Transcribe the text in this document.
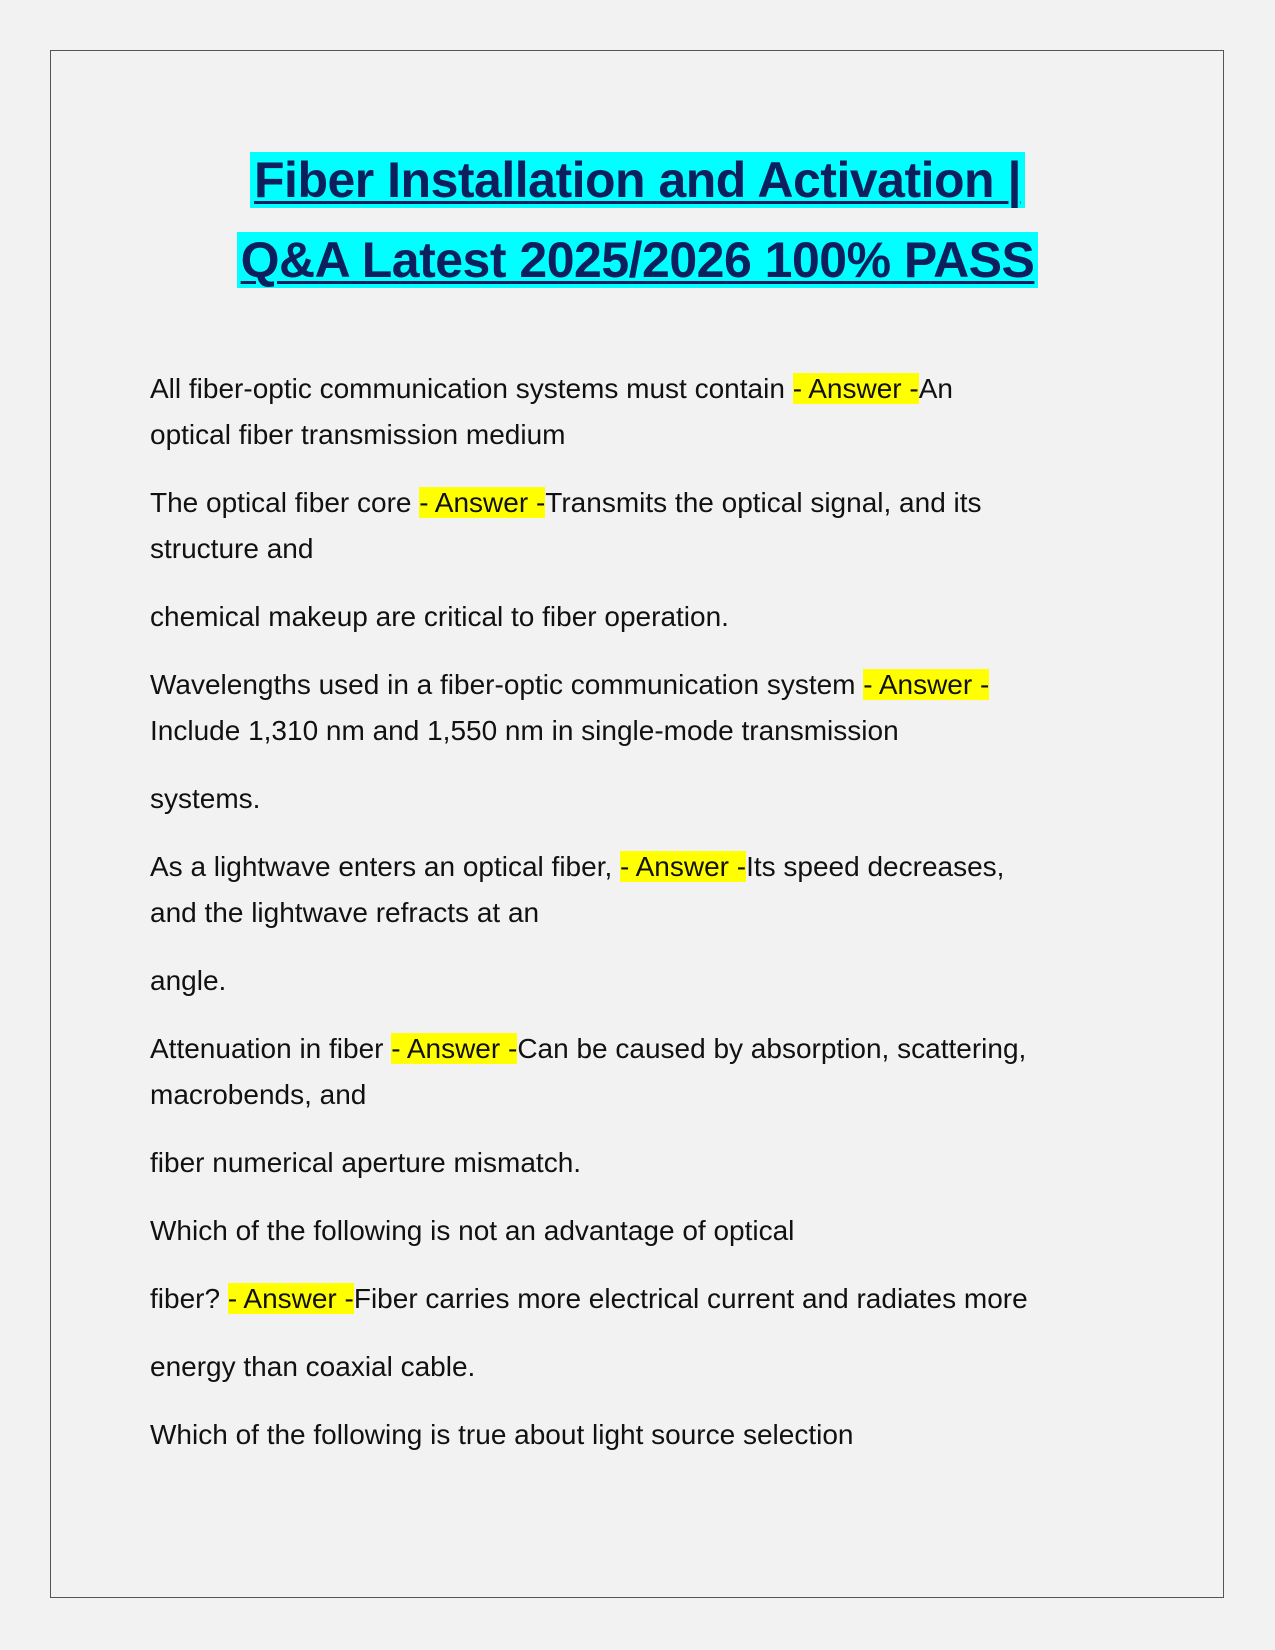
Fiber Installation and Activation |
Q&A Latest 2025/2026 100% PASS

All fiber-optic communication systems must contain - Answer -An

optical fiber transmission medium

The optical fiber core - Answer -Transmits the optical signal, and its

structure and

chemical makeup are critical to fiber operation.

Wavelengths used in a fiber-optic communication system - Answer -

Include 1,310 nm and 1,550 nm in single-mode transmission

systems.

As a lightwave enters an optical fiber, - Answer -Its speed decreases,

and the lightwave refracts at an

angle.

Attenuation in fiber - Answer -Can be caused by absorption, scattering,

macrobends, and

fiber numerical aperture mismatch.

Which of the following is not an advantage of optical

fiber? - Answer -Fiber carries more electrical current and radiates more

energy than coaxial cable.

Which of the following is true about light source selection
